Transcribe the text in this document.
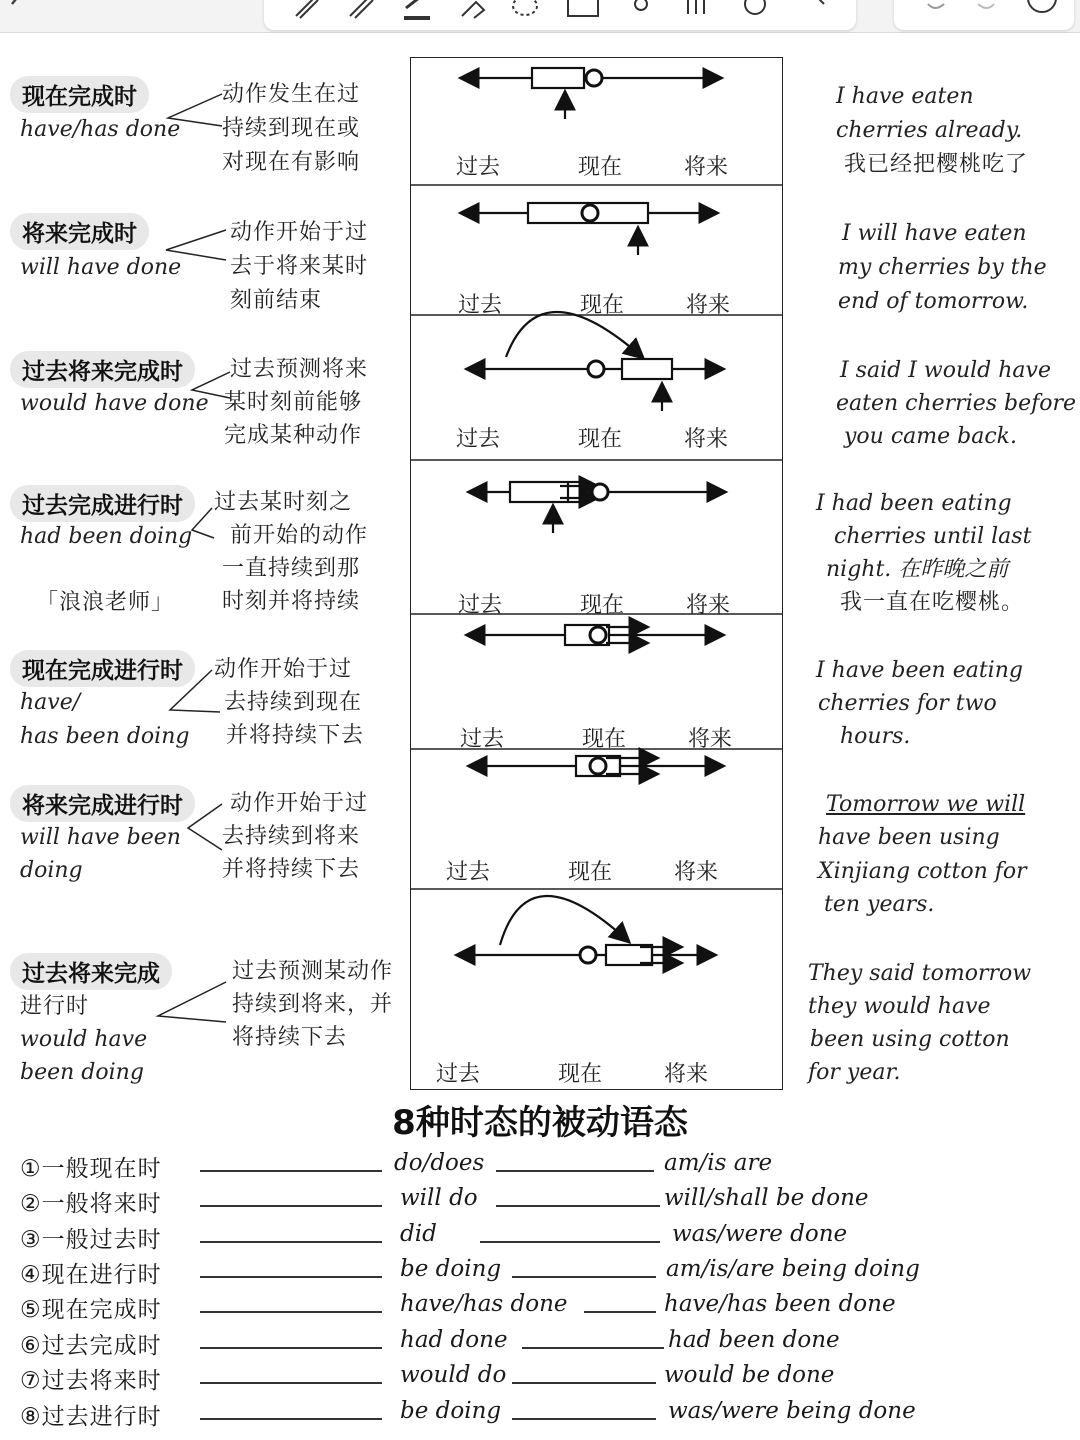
现在完成时
have/has done
动作发生在过
持续到现在或
对现在有影响
I have eaten
cherries already.
我已经把樱桃吃了
将来完成时
will have done
动作开始于过
去于将来某时
刻前结束
I will have eaten
my cherries by the
end of tomorrow.
过去将来完成时
would have done
过去预测将来
某时刻前能够
完成某种动作
I said I would have
eaten cherries before
you came back.
过去完成进行时
had been doing
过去某时刻之
前开始的动作
一直持续到那
时刻并将持续
「浪浪老师」
I had been eating
cherries until last
night. 在昨晚之前
我一直在吃樱桃。
现在完成进行时
have/
has been doing
动作开始于过
去持续到现在
并将持续下去
I have been eating
cherries for two
hours.
将来完成进行时
will have been
doing
动作开始于过
去持续到将来
并将持续下去
Tomorrow we will
have been using
Xinjiang cotton for
ten years.
过去将来完成
进行时
would have
been doing
过去预测某动作
持续到将来，并
将持续下去
They said tomorrow
they would have
been using cotton
for year.
过去	现在	将来
过去	现在	将来
过去	现在	将来
过去	现在	将来
过去	现在	将来
过去	现在	将来
过去	现在	将来
8种时态的被动语态
①一般现在时	do/does	am/is are
②一般将来时	will do	will/shall be done
③一般过去时	did	was/were done
④现在进行时	be doing	am/is/are being doing
⑤现在完成时	have/has done	have/has been done
⑥过去完成时	had done	had been done
⑦过去将来时	would do	would be done
⑧过去进行时	be doing	was/were being done
